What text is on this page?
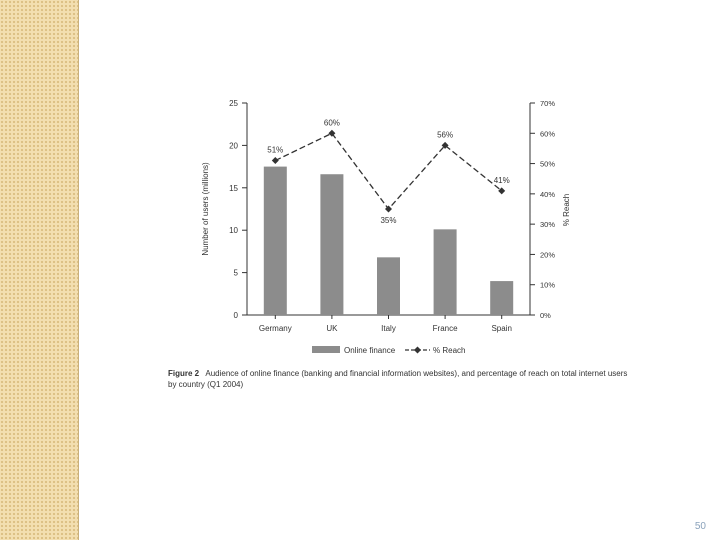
51%
60%
35%
56%
41%
0
5
10
15
20
25
0%
10%
20%
30%
40%
50%
60%
70%
Germany	UK	Italy	France	Spain
Number of users (millions)	% Reach
Online finance	% Reach
Figure 2 Audience of online finance (banking and financial information websites), and percentage of reach on total internet users by country (Q1 2004)
50
